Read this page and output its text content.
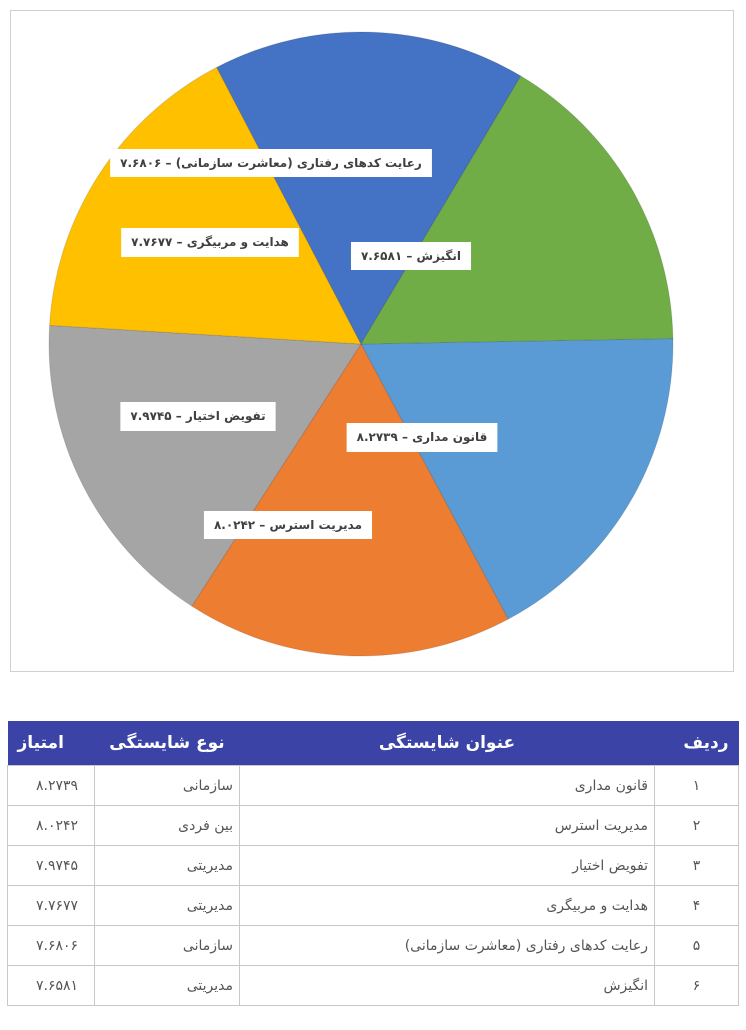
قانون مداری – ۸.۲۷۳۹
مدیریت استرس – ۸.۰۲۴۲
تفویض اختیار – ۷.۹۷۴۵
هدایت و مربیگری – ۷.۷۶۷۷
رعایت کدهای رفتاری (معاشرت سازمانی) – ۷.۶۸۰۶
انگیزش – ۷.۶۵۸۱
ردیف	عنوان شایستگی	نوع شایستگی	امتیاز
۱	قانون مداری	سازمانی	۸.۲۷۳۹
۲	مدیریت استرس	بین فردی	۸.۰۲۴۲
۳	تفویض اختیار	مدیریتی	۷.۹۷۴۵
۴	هدایت و مربیگری	مدیریتی	۷.۷۶۷۷
۵	رعایت کدهای رفتاری (معاشرت سازمانی)	سازمانی	۷.۶۸۰۶
۶	انگیزش	مدیریتی	۷.۶۵۸۱
